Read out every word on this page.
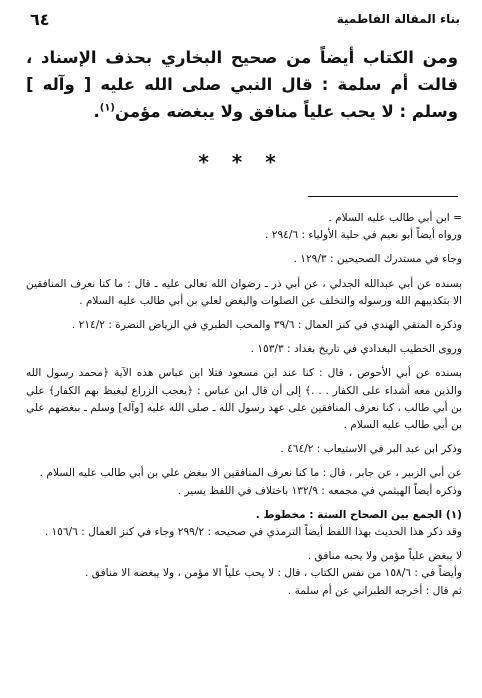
٦٤	بناء المقالة الفاطمية
ومن الكتاب أيضاً من صحيح البخاري بحذف الإسناد ، قالت أم سلمة : قال النبي صلى الله عليه [ وآله ] وسلم : لا يحب علياً منافق ولا يبغضه مؤمن$^{(١)}$.
* * *

= ابن أبي طالب عليه السلام .

ورواه أيضاً أبو نعيم في حلية الأولياء : ٢٩٤/٦ .

وجاء في مستدرك الصحيحين : ١٢٩/٣ .

بسنده عن أبي عبدالله الجدلي ، عن أبي ذر ـ رضوان الله تعالى عليه ـ قال : ما كنا نعرف المنافقين الا بتكذيبهم الله ورسوله والتخلف عن الصلوات والبغض لعلي بن أبي طالب عليه السلام .

وذكره المتقي الهندي في كنز العمال : ٣٩/٦ والمحب الطبري في الرياض النضرة : ٢١٤/٢ .

وروى الخطيب البغدادي في تاريخ بغداد : ١٥٣/٣ .

بسنده عن أبي الأحوص ، قال : كنا عند ابن مسعود فتلا ابن عباس هذه الآية ﴿محمد رسول الله والذين معه أشداء على الكفار . . .﴾ إلى أن قال ابن عباس : ﴿يعجب الزراع ليغيظ بهم الكفار﴾ علي بن أبي طالب ، كنا نعرف المنافقين على عهد رسول الله ـ صلى الله عليه [وآله] وسلم ـ ببغضهم علي بن أبي طالب عليه السلام .

وذكر ابن عبد البر في الاستيعاب : ٤٦٤/٢ .

عن أبي الزبير ، عن جابر ، قال : ما كنا نعرف المنافقين الا ببغض علي بن أبي طالب عليه السلام .

وذكره أيضاً الهيثمي في مجمعه : ١٣٢/٩ باختلاف في اللفظ يسير .

(١) الجمع بين الصحاح الستة : مخطوط .

وقد ذكر هذا الحديث بهذا اللفظ أيضاً الترمذي في صحيحه : ٢٩٩/٢ وجاء في كنز العمال : ١٥٦/٦ .

لا يبغض علياً مؤمن ولا يحبه منافق .

وأيضاً في : ١٥٨/٦ من نفس الكتاب ، قال : لا يحب علياً الا مؤمن ، ولا يبغضه الا منافق .

ثم قال : أخرجه الطبراني عن أم سلمة .
